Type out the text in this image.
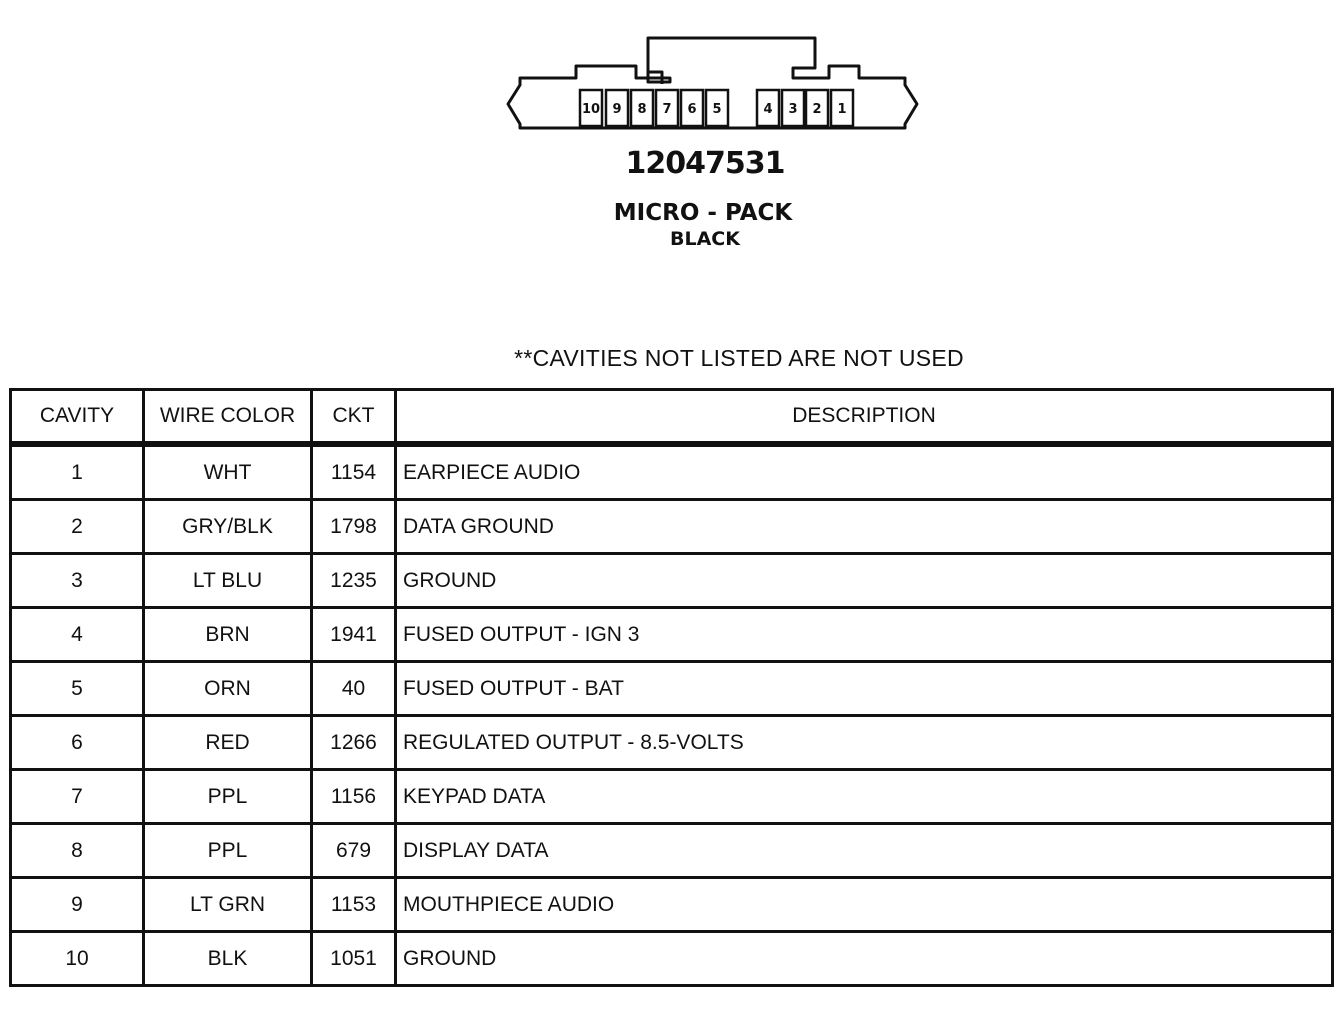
10 9 8 7 6 5	4 3 2 1
12047531
MICRO - PACK
BLACK
**CAVITIES NOT LISTED ARE NOT USED
CAVITY	WIRE COLOR	CKT	DESCRIPTION
1	WHT	1154	EARPIECE AUDIO
2	GRY/BLK	1798	DATA GROUND
3	LT BLU	1235	GROUND
4	BRN	1941	FUSED OUTPUT - IGN 3
5	ORN	40	FUSED OUTPUT - BAT
6	RED	1266	REGULATED OUTPUT - 8.5-VOLTS
7	PPL	1156	KEYPAD DATA
8	PPL	679	DISPLAY DATA
9	LT GRN	1153	MOUTHPIECE AUDIO
10	BLK	1051	GROUND
